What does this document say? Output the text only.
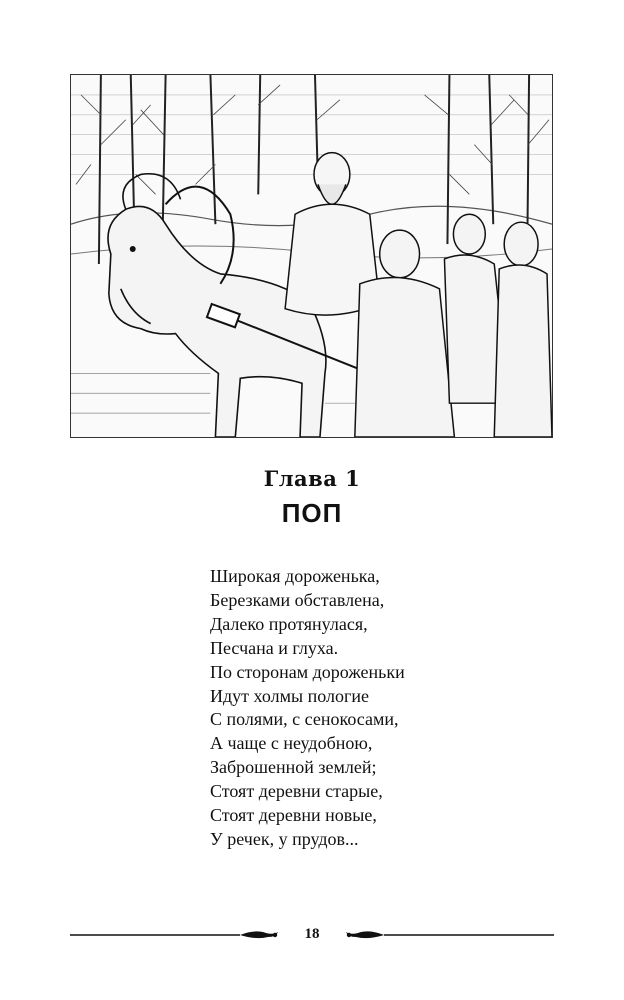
Глава 1
ПОП
Широкая дороженька,
Березками обставлена,
Далеко протянулася,
Песчана и глуха.
По сторонам дороженьки
Идут холмы пологие
С полями, с сенокосами,
А чаще с неудобною,
Заброшенной землей;
Стоят деревни старые,
Стоят деревни новые,
У речек, у прудов...
18
